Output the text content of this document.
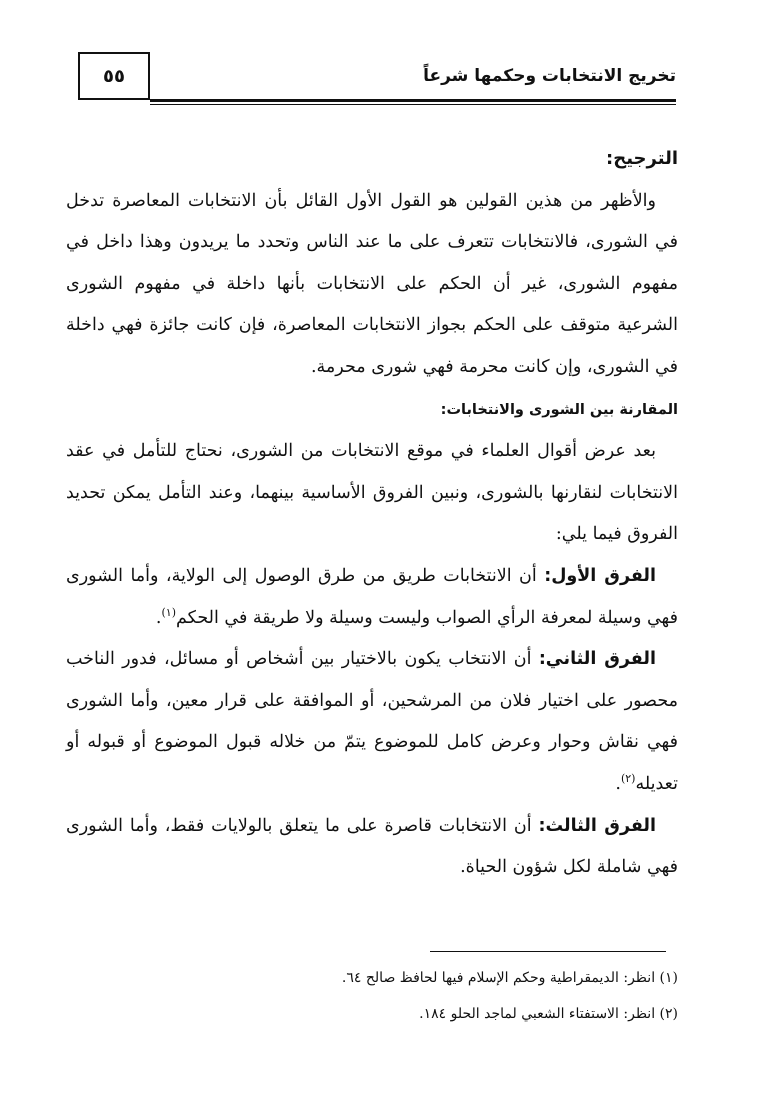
٥٥	تخريج الانتخابات وحكمها شرعاً

الترجيح:

والأظهر من هذين القولين هو القول الأول القائل بأن الانتخابات المعاصرة تدخل في الشورى، فالانتخابات تتعرف على ما عند الناس وتحدد ما يريدون وهذا داخل في مفهوم الشورى، غير أن الحكم على الانتخابات بأنها داخلة في مفهوم الشورى الشرعية متوقف على الحكم بجواز الانتخابات المعاصرة، فإن كانت جائزة فهي داخلة في الشورى، وإن كانت محرمة فهي شورى محرمة.

المقارنة بين الشورى والانتخابات:

بعد عرض أقوال العلماء في موقع الانتخابات من الشورى، نحتاج للتأمل في عقد الانتخابات لنقارنها بالشورى، ونبين الفروق الأساسية بينهما، وعند التأمل يمكن تحديد الفروق فيما يلي:

الفرق الأول: أن الانتخابات طريق من طرق الوصول إلى الولاية، وأما الشورى فهي وسيلة لمعرفة الرأي الصواب وليست وسيلة ولا طريقة في الحكم$^{(١)}$.

الفرق الثاني: أن الانتخاب يكون بالاختيار بين أشخاص أو مسائل، فدور الناخب محصور على اختيار فلان من المرشحين، أو الموافقة على قرار معين، وأما الشورى فهي نقاش وحوار وعرض كامل للموضوع يتمّ من خلاله قبول الموضوع أو قبوله أو تعديله$^{(٢)}$.

الفرق الثالث: أن الانتخابات قاصرة على ما يتعلق بالولايات فقط، وأما الشورى فهي شاملة لكل شؤون الحياة.

(١) انظر: الديمقراطية وحكم الإسلام فيها لحافظ صالح ٦٤.

(٢) انظر: الاستفتاء الشعبي لماجد الحلو ١٨٤.
